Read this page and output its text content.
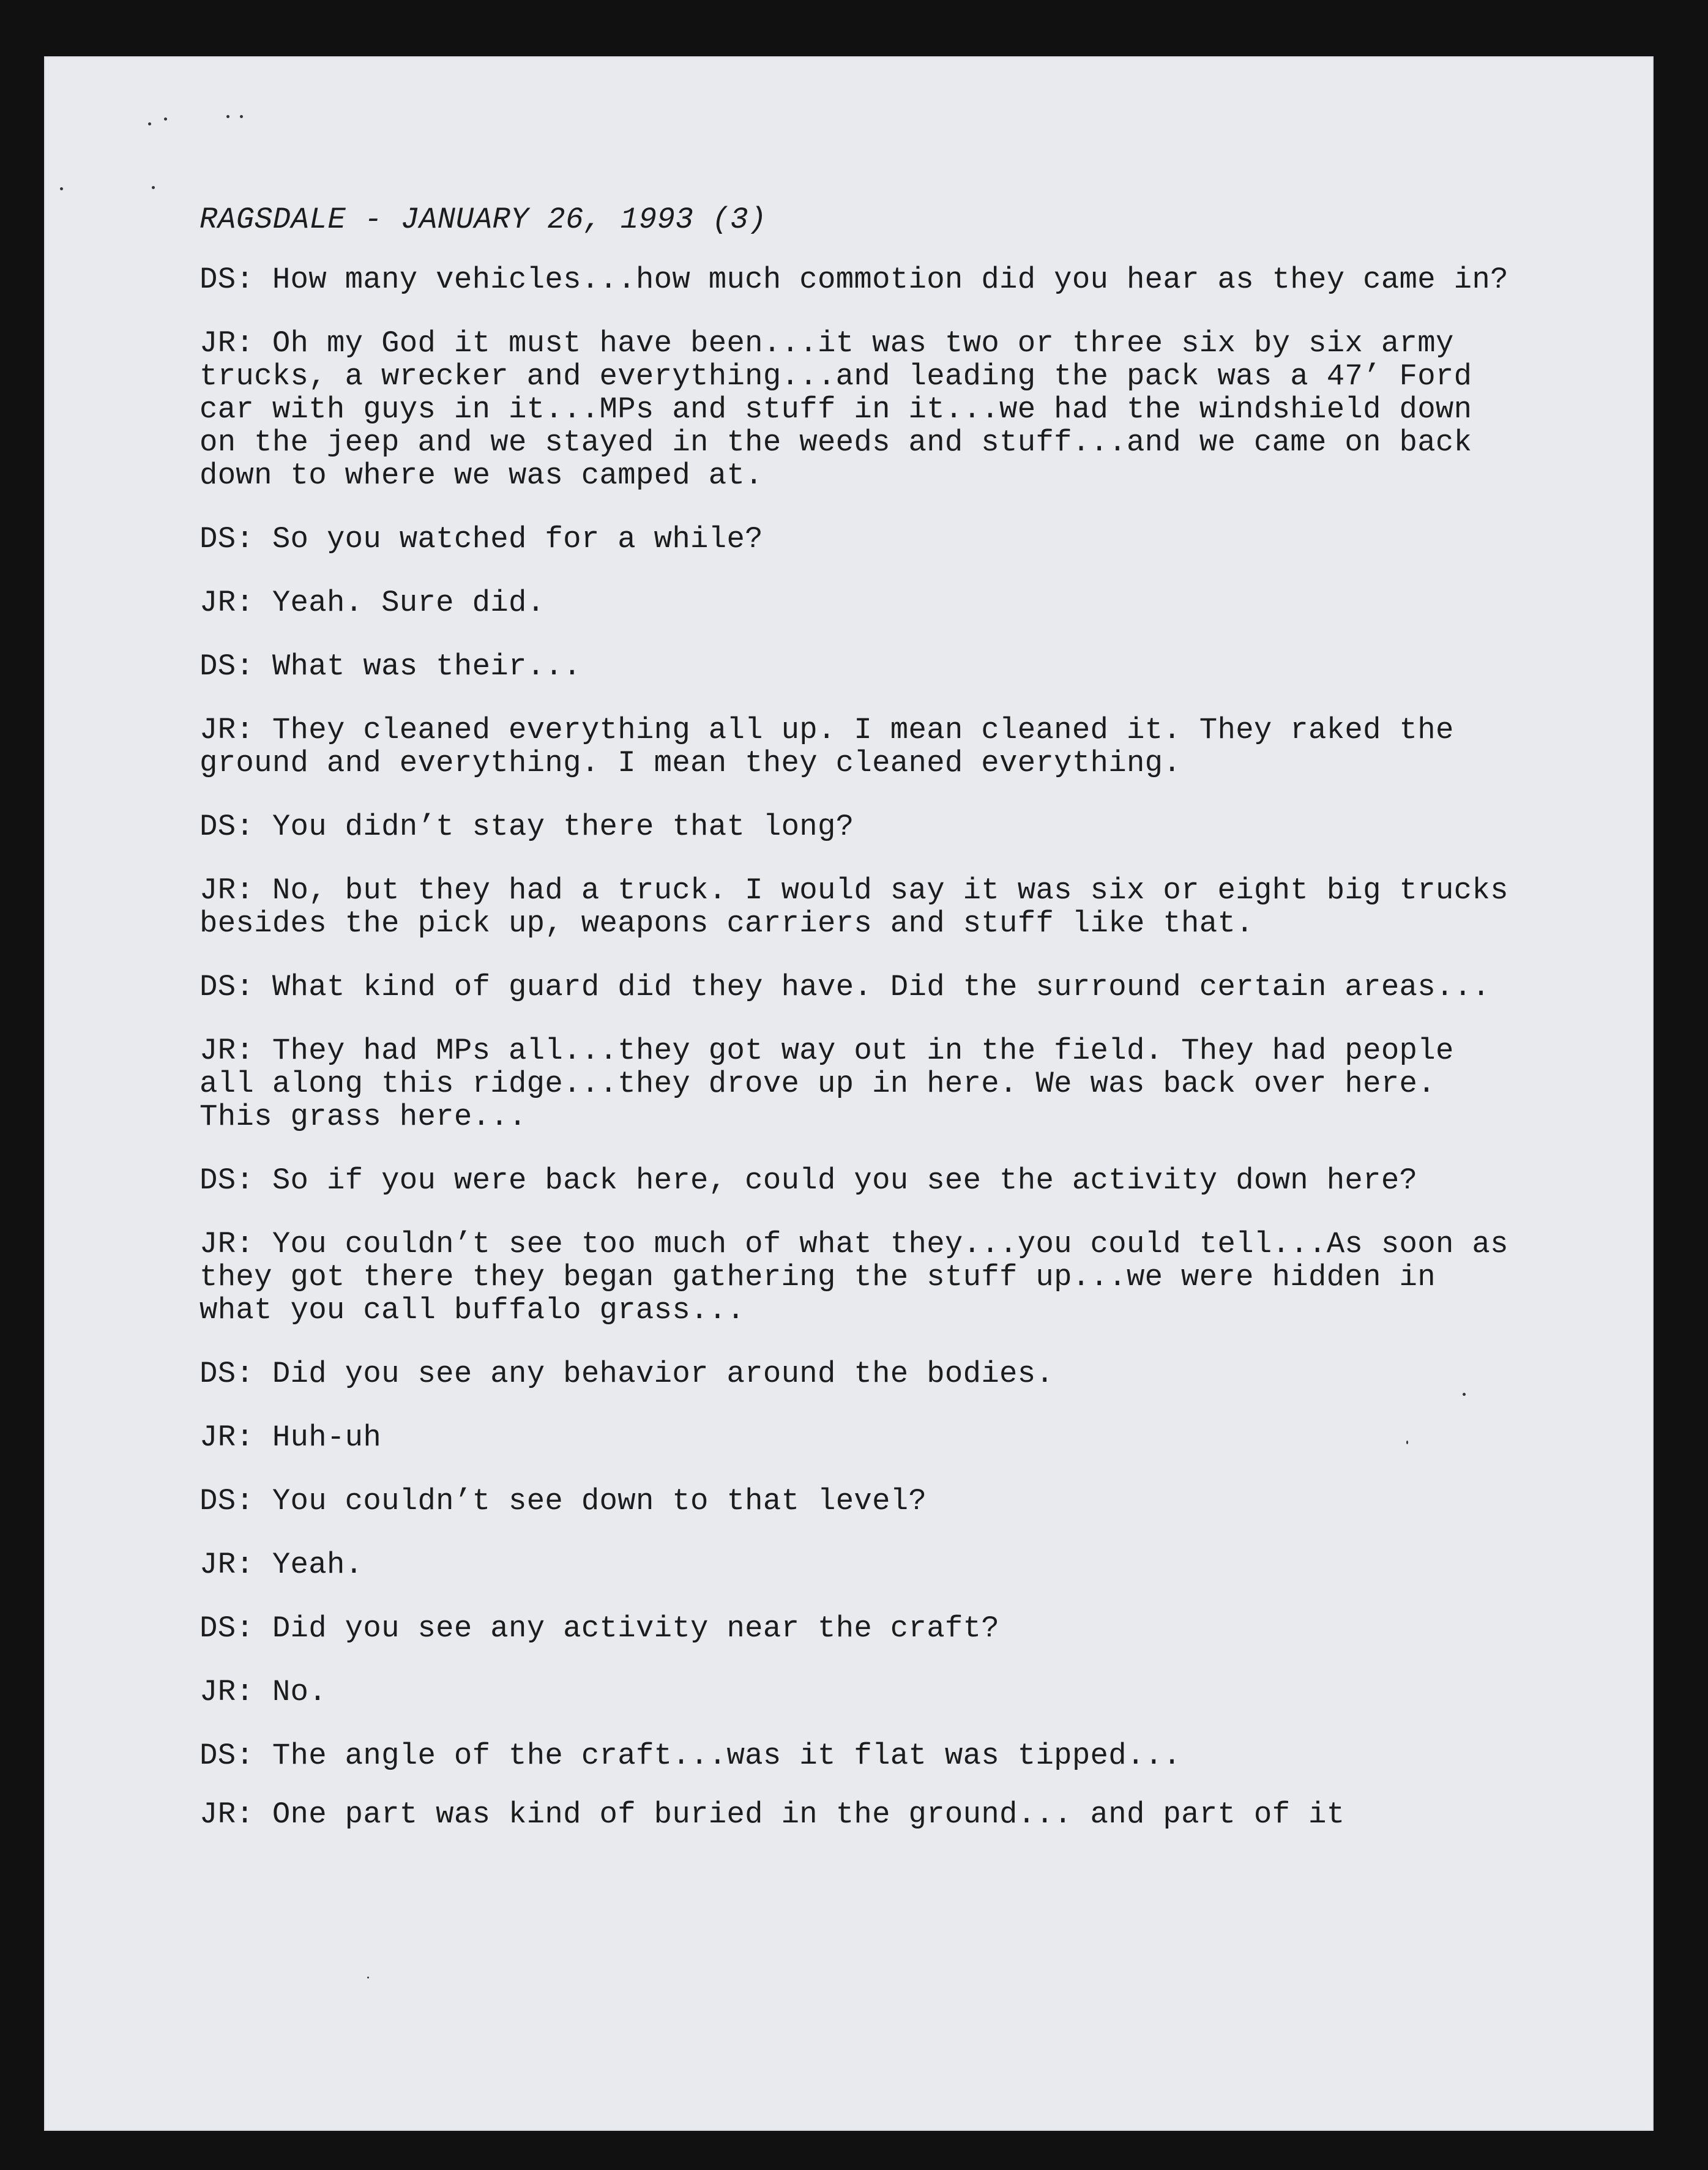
RAGSDALE - JANUARY 26, 1993 (3)
DS: How many vehicles...how much commotion did you hear as they came in?
JR: Oh my God it must have been...it was two or three six by six army trucks, a wrecker and everything...and leading the pack was a 47’ Ford car with guys in it...MPs and stuff in it...we had the windshield down on the jeep and we stayed in the weeds and stuff...and we came on back down to where we was camped at.
DS: So you watched for a while?
JR: Yeah. Sure did.
DS: What was their...
JR: They cleaned everything all up. I mean cleaned it. They raked the ground and everything. I mean they cleaned everything.
DS: You didn’t stay there that long?
JR: No, but they had a truck. I would say it was six or eight big trucks besides the pick up, weapons carriers and stuff like that.
DS: What kind of guard did they have. Did the surround certain areas...
JR: They had MPs all...they got way out in the field. They had people all along this ridge...they drove up in here. We was back over here. This grass here...
DS: So if you were back here, could you see the activity down here?
JR: You couldn’t see too much of what they...you could tell...As soon as they got there they began gathering the stuff up...we were hidden in what you call buffalo grass...
DS: Did you see any behavior around the bodies.
JR: Huh-uh
DS: You couldn’t see down to that level?
JR: Yeah.
DS: Did you see any activity near the craft?
JR: No.
DS: The angle of the craft...was it flat was tipped...
JR: One part was kind of buried in the ground... and part of it
